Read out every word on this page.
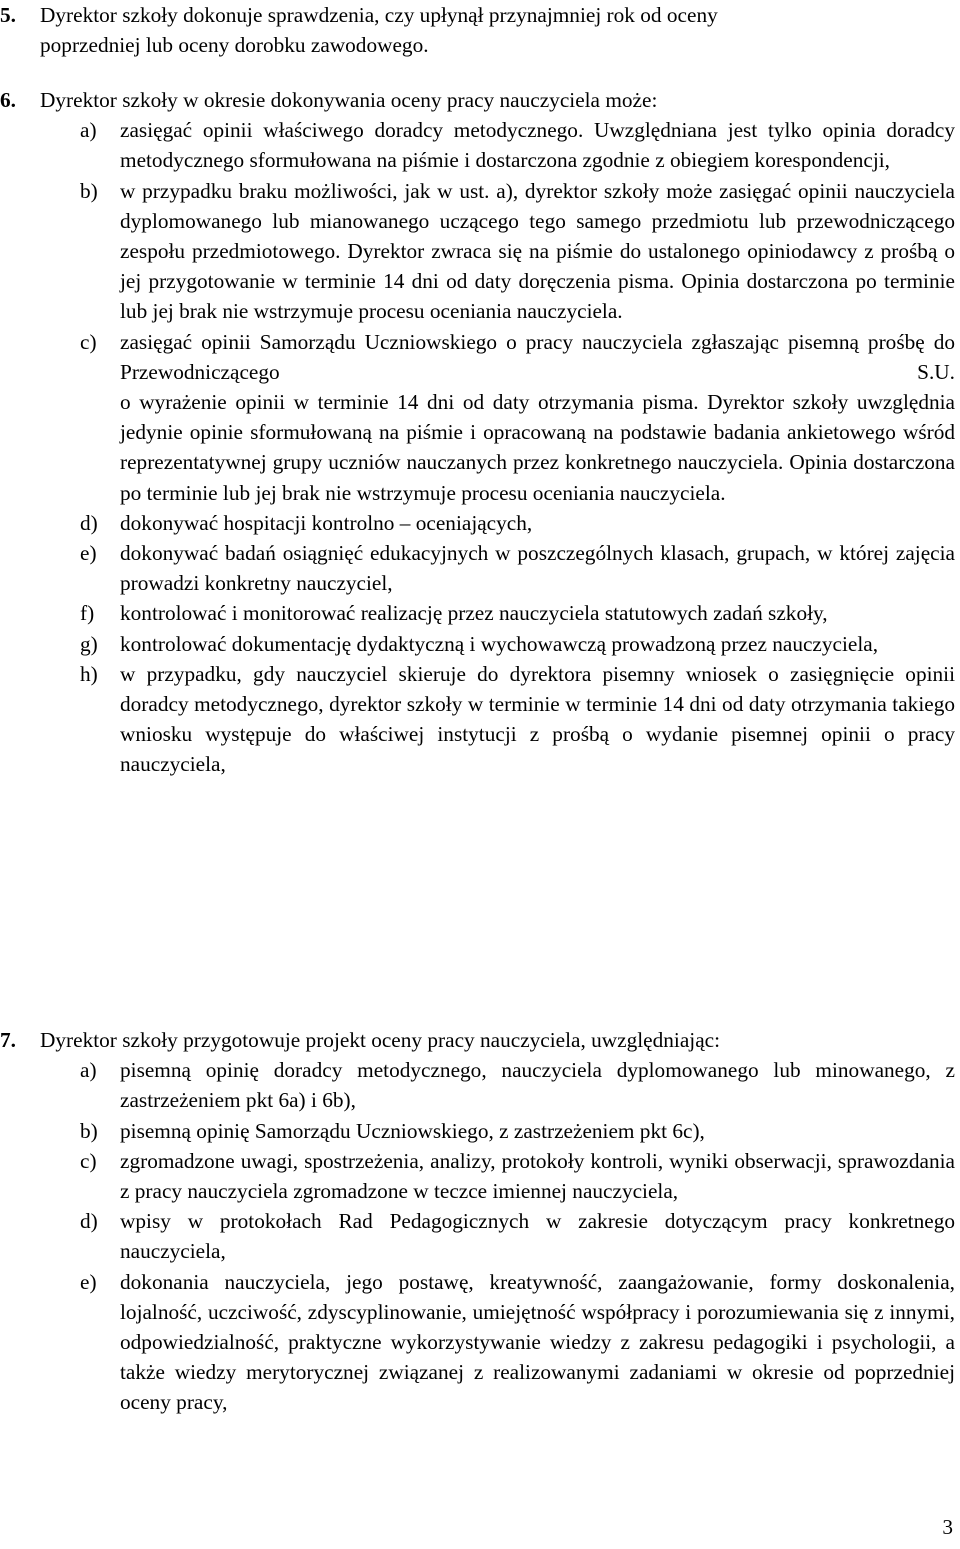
5. Dyrektor szkoły dokonuje sprawdzenia, czy upłynął przynajmniej rok od oceny
poprzedniej lub oceny dorobku zawodowego.
6. Dyrektor szkoły w okresie dokonywania oceny pracy nauczyciela może:
a) zasięgać opinii właściwego doradcy metodycznego. Uwzględniana jest tylko opinia doradcy metodycznego sformułowana na piśmie i dostarczona zgodnie z obiegiem korespondencji,
b) w przypadku braku możliwości, jak w ust. a), dyrektor szkoły może zasięgać opinii nauczyciela dyplomowanego lub mianowanego uczącego tego samego przedmiotu lub przewodniczącego zespołu przedmiotowego. Dyrektor zwraca się na piśmie do ustalonego opiniodawcy z prośbą o jej przygotowanie w terminie 14 dni od daty doręczenia pisma. Opinia dostarczona po terminie lub jej brak nie wstrzymuje procesu oceniania nauczyciela.
c) zasięgać opinii Samorządu Uczniowskiego o pracy nauczyciela zgłaszając pisemną prośbę do Przewodniczącego S.U.
o wyrażenie opinii w terminie 14 dni od daty otrzymania pisma. Dyrektor szkoły uwzględnia jedynie opinie sformułowaną na piśmie i opracowaną na podstawie badania ankietowego wśród reprezentatywnej grupy uczniów nauczanych przez konkretnego nauczyciela. Opinia dostarczona po terminie lub jej brak nie wstrzymuje procesu oceniania nauczyciela.
d) dokonywać hospitacji kontrolno – oceniających,
e) dokonywać badań osiągnięć edukacyjnych w poszczególnych klasach, grupach, w której zajęcia prowadzi konkretny nauczyciel,
f) kontrolować i monitorować realizację przez nauczyciela statutowych zadań szkoły,
g) kontrolować dokumentację dydaktyczną i wychowawczą prowadzoną przez nauczyciela,
h) w przypadku, gdy nauczyciel skieruje do dyrektora pisemny wniosek o zasięgnięcie opinii doradcy metodycznego, dyrektor szkoły w terminie w terminie 14 dni od daty otrzymania takiego wniosku występuje do właściwej instytucji z prośbą o wydanie pisemnej opinii o pracy nauczyciela,
7. Dyrektor szkoły przygotowuje projekt oceny pracy nauczyciela, uwzględniając:
a) pisemną opinię doradcy metodycznego, nauczyciela dyplomowanego lub minowanego, z zastrzeżeniem pkt 6a) i 6b),
b) pisemną opinię Samorządu Uczniowskiego, z zastrzeżeniem pkt 6c),
c) zgromadzone uwagi, spostrzeżenia, analizy, protokoły kontroli, wyniki obserwacji, sprawozdania z pracy nauczyciela zgromadzone w teczce imiennej nauczyciela,
d) wpisy w protokołach Rad Pedagogicznych w zakresie dotyczącym pracy konkretnego nauczyciela,
e) dokonania nauczyciela, jego postawę, kreatywność, zaangażowanie, formy doskonalenia, lojalność, uczciwość, zdyscyplinowanie, umiejętność współpracy i porozumiewania się z innymi, odpowiedzialność, praktyczne wykorzystywanie wiedzy z zakresu pedagogiki i psychologii, a także wiedzy merytorycznej związanej z realizowanymi zadaniami w okresie od poprzedniej oceny pracy,
3
